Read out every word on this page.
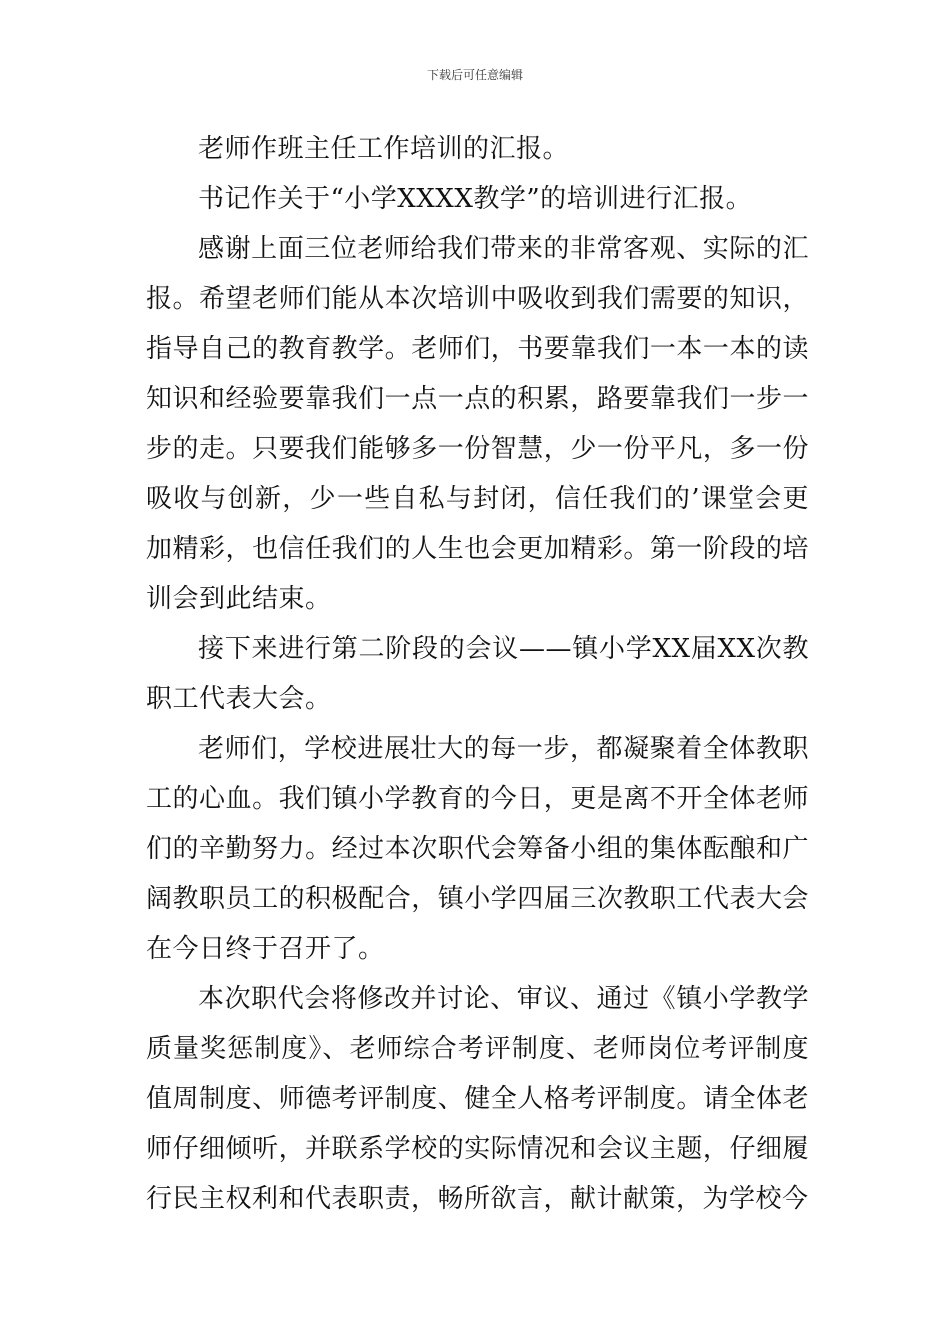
下载后可任意编辑

老师作班主任工作培训的汇报。

书记作关于“小学XXXX教学”的培训进行汇报。

感谢上面三位老师给我们带来的非常客观、实际的汇报。希望老师们能从本次培训中吸收到我们需要的知识，指导自己的教育教学。老师们，书要靠我们一本一本的读知识和经验要靠我们一点一点的积累，路要靠我们一步一步的走。只要我们能够多一份智慧，少一份平凡，多一份吸收与创新，少一些自私与封闭，信任我们的’课堂会更加精彩，也信任我们的人生也会更加精彩。第一阶段的培训会到此结束。

接下来进行第二阶段的会议——镇小学XX届XX次教职工代表大会。

老师们，学校进展壮大的每一步，都凝聚着全体教职工的心血。我们镇小学教育的今日，更是离不开全体老师们的辛勤努力。经过本次职代会筹备小组的集体酝酿和广阔教职员工的积极配合，镇小学四届三次教职工代表大会在今日终于召开了。

本次职代会将修改并讨论、审议、通过《镇小学教学质量奖惩制度》、老师综合考评制度、老师岗位考评制度值周制度、师德考评制度、健全人格考评制度。请全体老师仔细倾听，并联系学校的实际情况和会议主题，仔细履行民主权利和代表职责，畅所欲言，献计献策，为学校今
